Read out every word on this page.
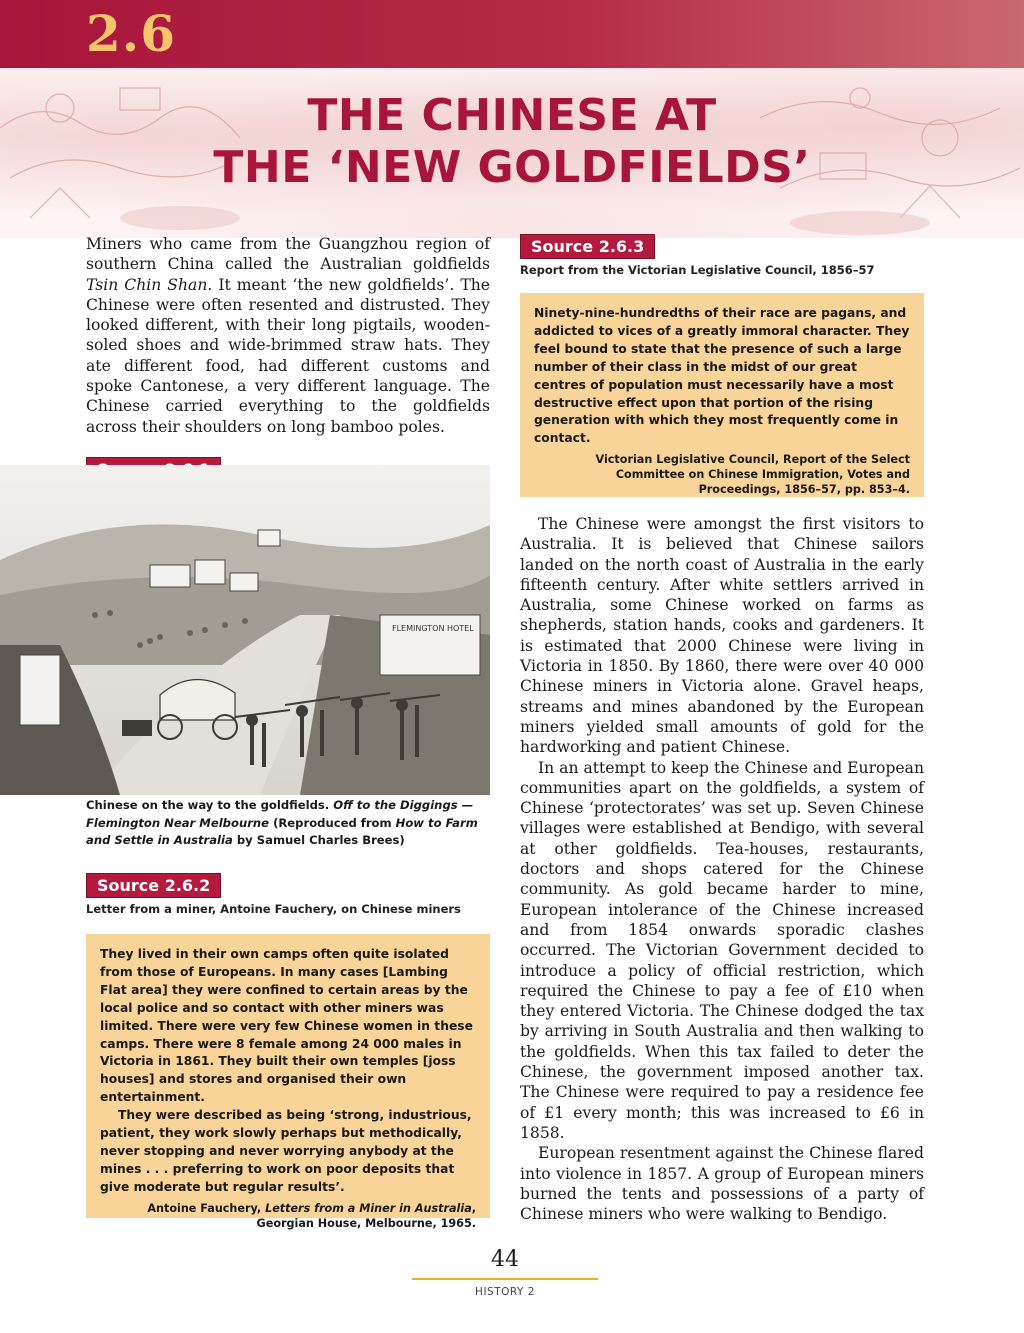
2.6
THE CHINESE AT
THE ‘NEW GOLDFIELDS’

Miners who came from the Guangzhou region of southern China called the Australian goldfields Tsin Chin Shan. It meant ‘the new goldfields’. The Chinese were often resented and distrusted. They looked different, with their long pigtails, wooden-soled shoes and wide-brimmed straw hats. They ate different food, had different customs and spoke Cantonese, a very different language. The Chinese carried everything to the goldfields across their shoulders on long bamboo poles.

FLEMINGTON HOTEL
Chinese on the way to the goldfields. Off to the Diggings — Flemington Near Melbourne (Reproduced from How to Farm and Settle in Australia by Samuel Charles Brees)
Source 2.6.2
Letter from a miner, Antoine Fauchery, on Chinese miners

They lived in their own camps often quite isolated from those of Europeans. In many cases [Lambing Flat area] they were confined to certain areas by the local police and so contact with other miners was limited. There were very few Chinese women in these camps. There were 8 female among 24 000 males in Victoria in 1861. They built their own temples [joss houses] and stores and organised their own entertainment.

They were described as being ‘strong, industrious, patient, they work slowly perhaps but methodically, never stopping and never worrying anybody at the mines . . . preferring to work on poor deposits that give moderate but regular results’.

Antoine Fauchery, Letters from a Miner in Australia, Georgian House, Melbourne, 1965.
Source 2.6.3
Report from the Victorian Legislative Council, 1856–57

Ninety-nine-hundredths of their race are pagans, and addicted to vices of a greatly immoral character. They feel bound to state that the presence of such a large number of their class in the midst of our great centres of population must necessarily have a most destructive effect upon that portion of the rising generation with which they most frequently come in contact.

Victorian Legislative Council, Report of the Select Committee on Chinese Immigration, Votes and Proceedings, 1856–57, pp. 853–4.

The Chinese were amongst the first visitors to Australia. It is believed that Chinese sailors landed on the north coast of Australia in the early fifteenth century. After white settlers arrived in Australia, some Chinese worked on farms as shepherds, station hands, cooks and gardeners. It is estimated that 2000 Chinese were living in Victoria in 1850. By 1860, there were over 40 000 Chinese miners in Victoria alone. Gravel heaps, streams and mines abandoned by the European miners yielded small amounts of gold for the hardworking and patient Chinese.

In an attempt to keep the Chinese and European communities apart on the goldfields, a system of Chinese ‘protectorates’ was set up. Seven Chinese villages were established at Bendigo, with several at other goldfields. Tea-houses, restaurants, doctors and shops catered for the Chinese community. As gold became harder to mine, European intolerance of the Chinese increased and from 1854 onwards sporadic clashes occurred. The Victorian Government decided to introduce a policy of official restriction, which required the Chinese to pay a fee of £10 when they entered Victoria. The Chinese dodged the tax by arriving in South Australia and then walking to the goldfields. When this tax failed to deter the Chinese, the government imposed another tax. The Chinese were required to pay a residence fee of £1 every month; this was increased to £6 in 1858.

European resentment against the Chinese flared into violence in 1857. A group of European miners burned the tents and possessions of a party of Chinese miners who were walking to Bendigo.

44
HISTORY 2
